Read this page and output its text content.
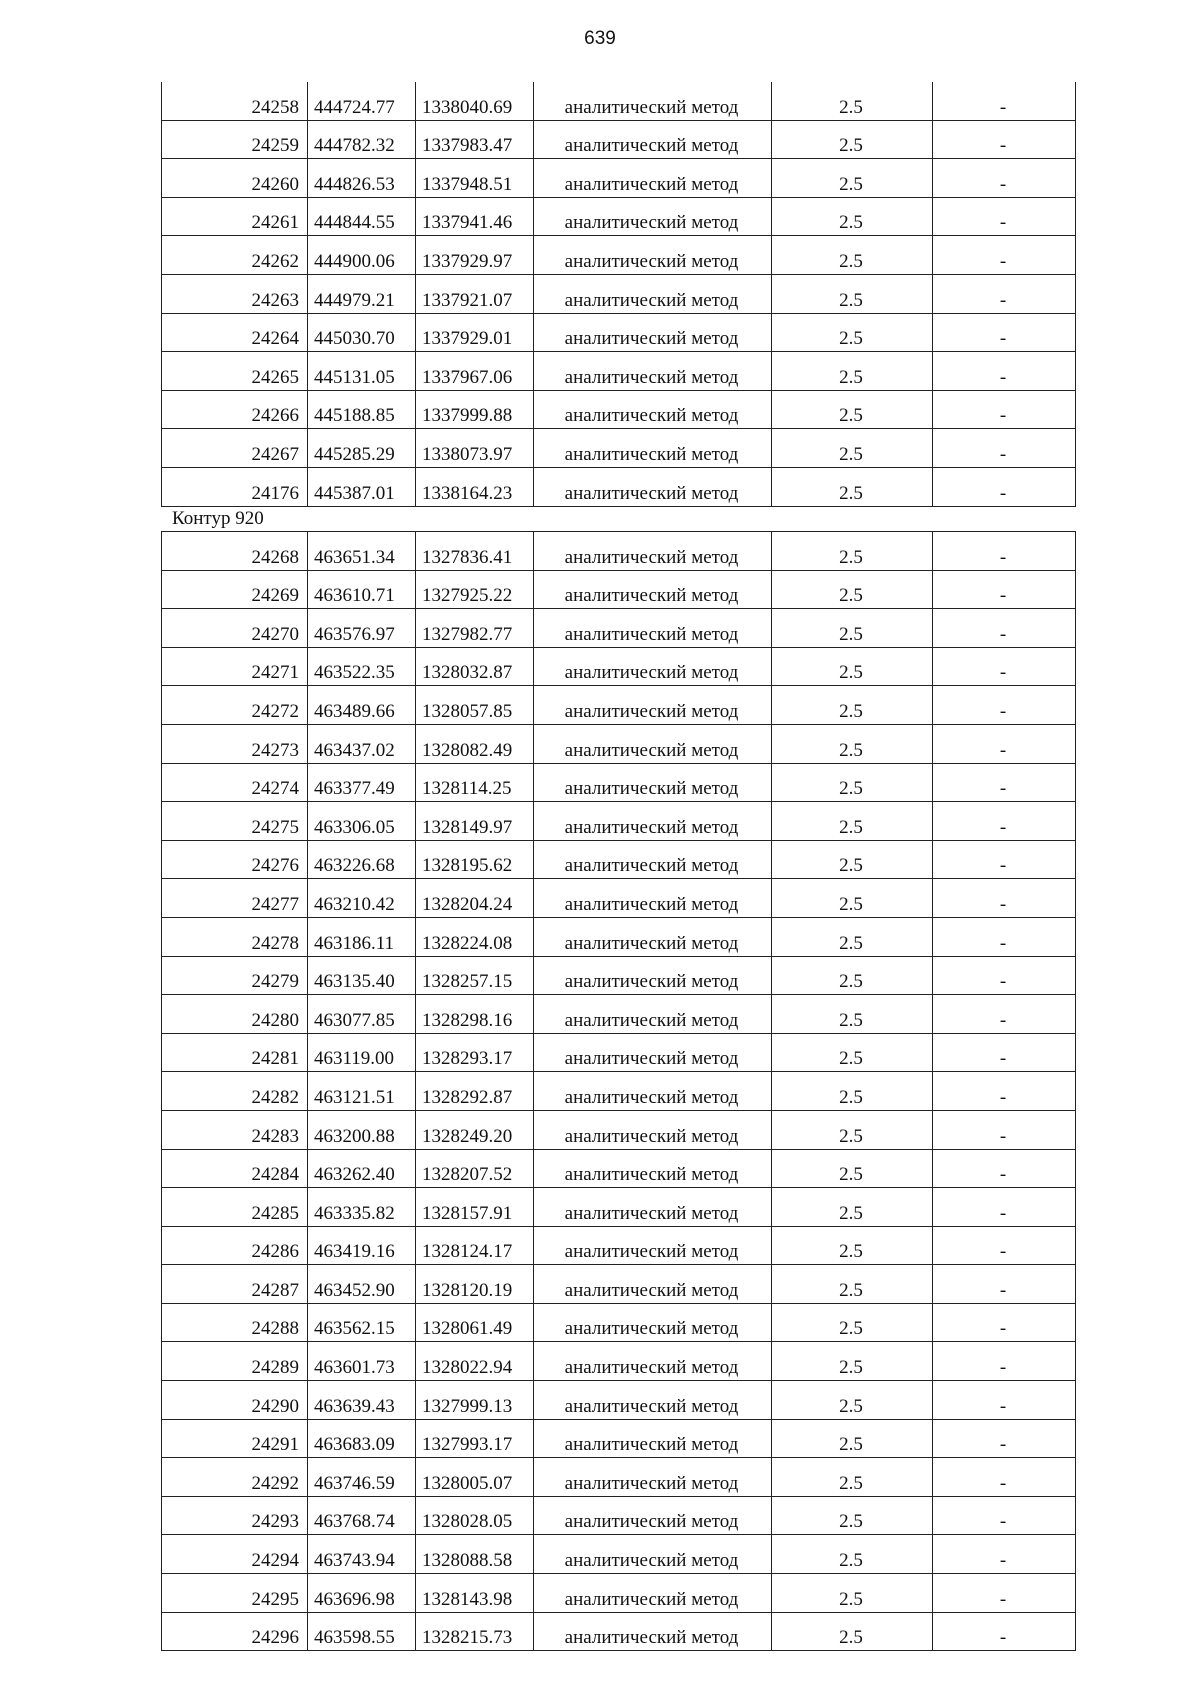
639
24258	444724.77	1338040.69	аналитический метод	2.5	-
24259	444782.32	1337983.47	аналитический метод	2.5	-
24260	444826.53	1337948.51	аналитический метод	2.5	-
24261	444844.55	1337941.46	аналитический метод	2.5	-
24262	444900.06	1337929.97	аналитический метод	2.5	-
24263	444979.21	1337921.07	аналитический метод	2.5	-
24264	445030.70	1337929.01	аналитический метод	2.5	-
24265	445131.05	1337967.06	аналитический метод	2.5	-
24266	445188.85	1337999.88	аналитический метод	2.5	-
24267	445285.29	1338073.97	аналитический метод	2.5	-
24176	445387.01	1338164.23	аналитический метод	2.5	-
Контур 920
24268	463651.34	1327836.41	аналитический метод	2.5	-
24269	463610.71	1327925.22	аналитический метод	2.5	-
24270	463576.97	1327982.77	аналитический метод	2.5	-
24271	463522.35	1328032.87	аналитический метод	2.5	-
24272	463489.66	1328057.85	аналитический метод	2.5	-
24273	463437.02	1328082.49	аналитический метод	2.5	-
24274	463377.49	1328114.25	аналитический метод	2.5	-
24275	463306.05	1328149.97	аналитический метод	2.5	-
24276	463226.68	1328195.62	аналитический метод	2.5	-
24277	463210.42	1328204.24	аналитический метод	2.5	-
24278	463186.11	1328224.08	аналитический метод	2.5	-
24279	463135.40	1328257.15	аналитический метод	2.5	-
24280	463077.85	1328298.16	аналитический метод	2.5	-
24281	463119.00	1328293.17	аналитический метод	2.5	-
24282	463121.51	1328292.87	аналитический метод	2.5	-
24283	463200.88	1328249.20	аналитический метод	2.5	-
24284	463262.40	1328207.52	аналитический метод	2.5	-
24285	463335.82	1328157.91	аналитический метод	2.5	-
24286	463419.16	1328124.17	аналитический метод	2.5	-
24287	463452.90	1328120.19	аналитический метод	2.5	-
24288	463562.15	1328061.49	аналитический метод	2.5	-
24289	463601.73	1328022.94	аналитический метод	2.5	-
24290	463639.43	1327999.13	аналитический метод	2.5	-
24291	463683.09	1327993.17	аналитический метод	2.5	-
24292	463746.59	1328005.07	аналитический метод	2.5	-
24293	463768.74	1328028.05	аналитический метод	2.5	-
24294	463743.94	1328088.58	аналитический метод	2.5	-
24295	463696.98	1328143.98	аналитический метод	2.5	-
24296	463598.55	1328215.73	аналитический метод	2.5	-
